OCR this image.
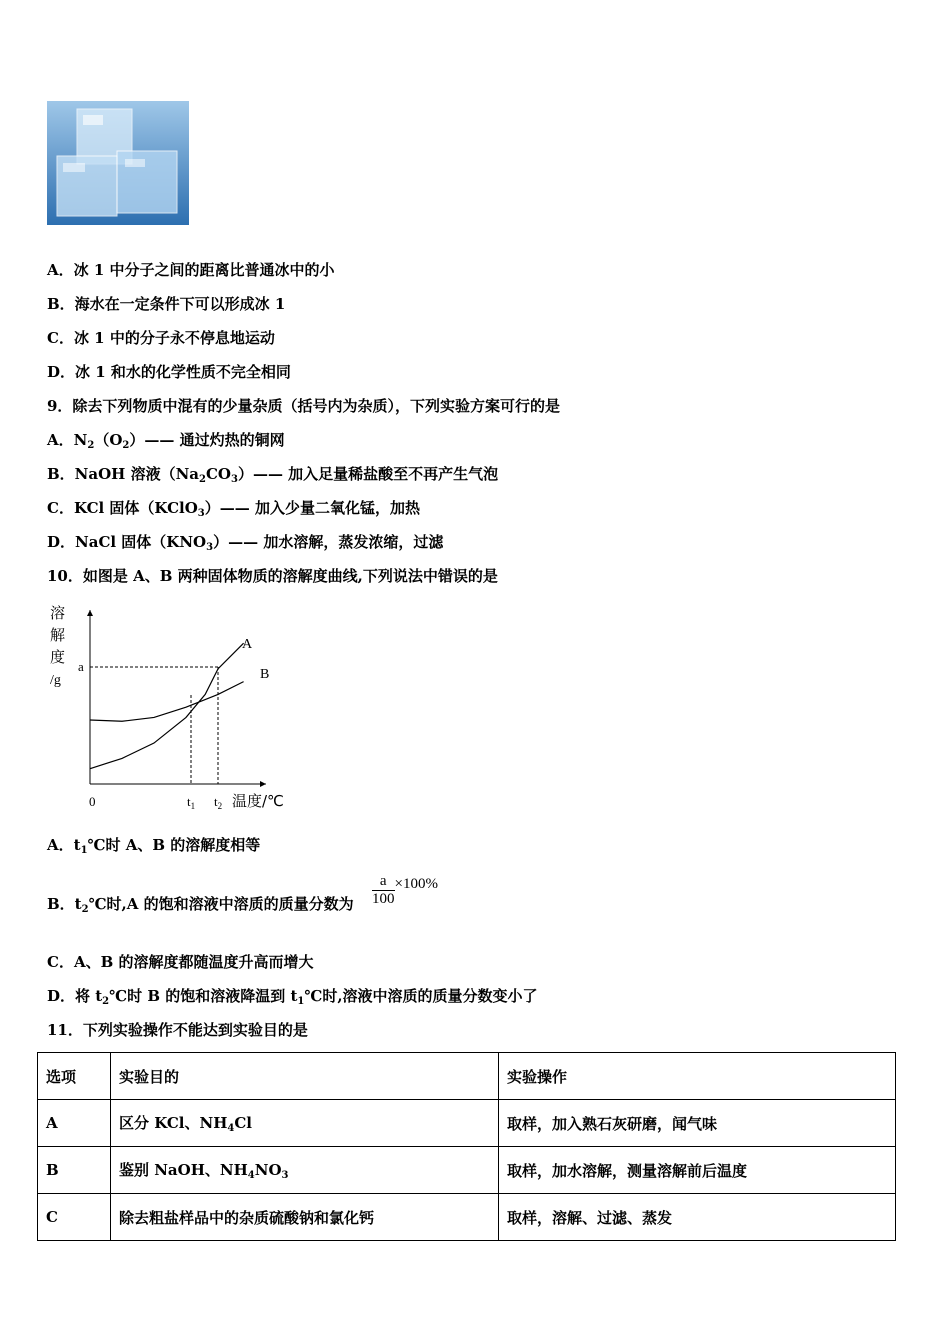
A．冰 1 中分子之间的距离比普通冰中的小
B．海水在一定条件下可以形成冰 1
C．冰 1 中的分子永不停息地运动
D．冰 1 和水的化学性质不完全相同
9．除去下列物质中混有的少量杂质（括号内为杂质），下列实验方案可行的是
A．$N_2(O_2)——$ 通过灼热的铜网
B．NaOH 溶液$(Na_2CO_3)——$ 加入足量稀盐酸至不再产生气泡
C．KCl 固体（KClO$_3$）—— 加入少量二氧化锰，加热
D．NaCl 固体$(KNO_3)——$ 加水溶解，蒸发浓缩，过滤
10．如图是 A、B 两种固体物质的溶解度曲线,下列说法中错误的是
溶
解
度
/g
0
a
$t_1$ $t_2$ 温度/℃
A
B
A．$t_1℃$时 A、B 的溶解度相等
B．$t_2℃$时,A 的饱和溶液中溶质的质量分数为 $\frac{a}{100} \times 100\%$
C．A、B 的溶解度都随温度升高而增大
D．将 $t_2℃$时 B 的饱和溶液降温到 $t_1℃$时,溶液中溶质的质量分数变小了
11．下列实验操作不能达到实验目的是
选项	实验目的	实验操作
A	区分 KCl、$NH_4Cl$	取样，加入熟石灰研磨，闻气味
B	鉴别 NaOH、$NH_4NO_3$	取样，加水溶解，测量溶解前后温度
C	除去粗盐样品中的杂质硫酸钠和氯化钙	取样，溶解、过滤、蒸发
